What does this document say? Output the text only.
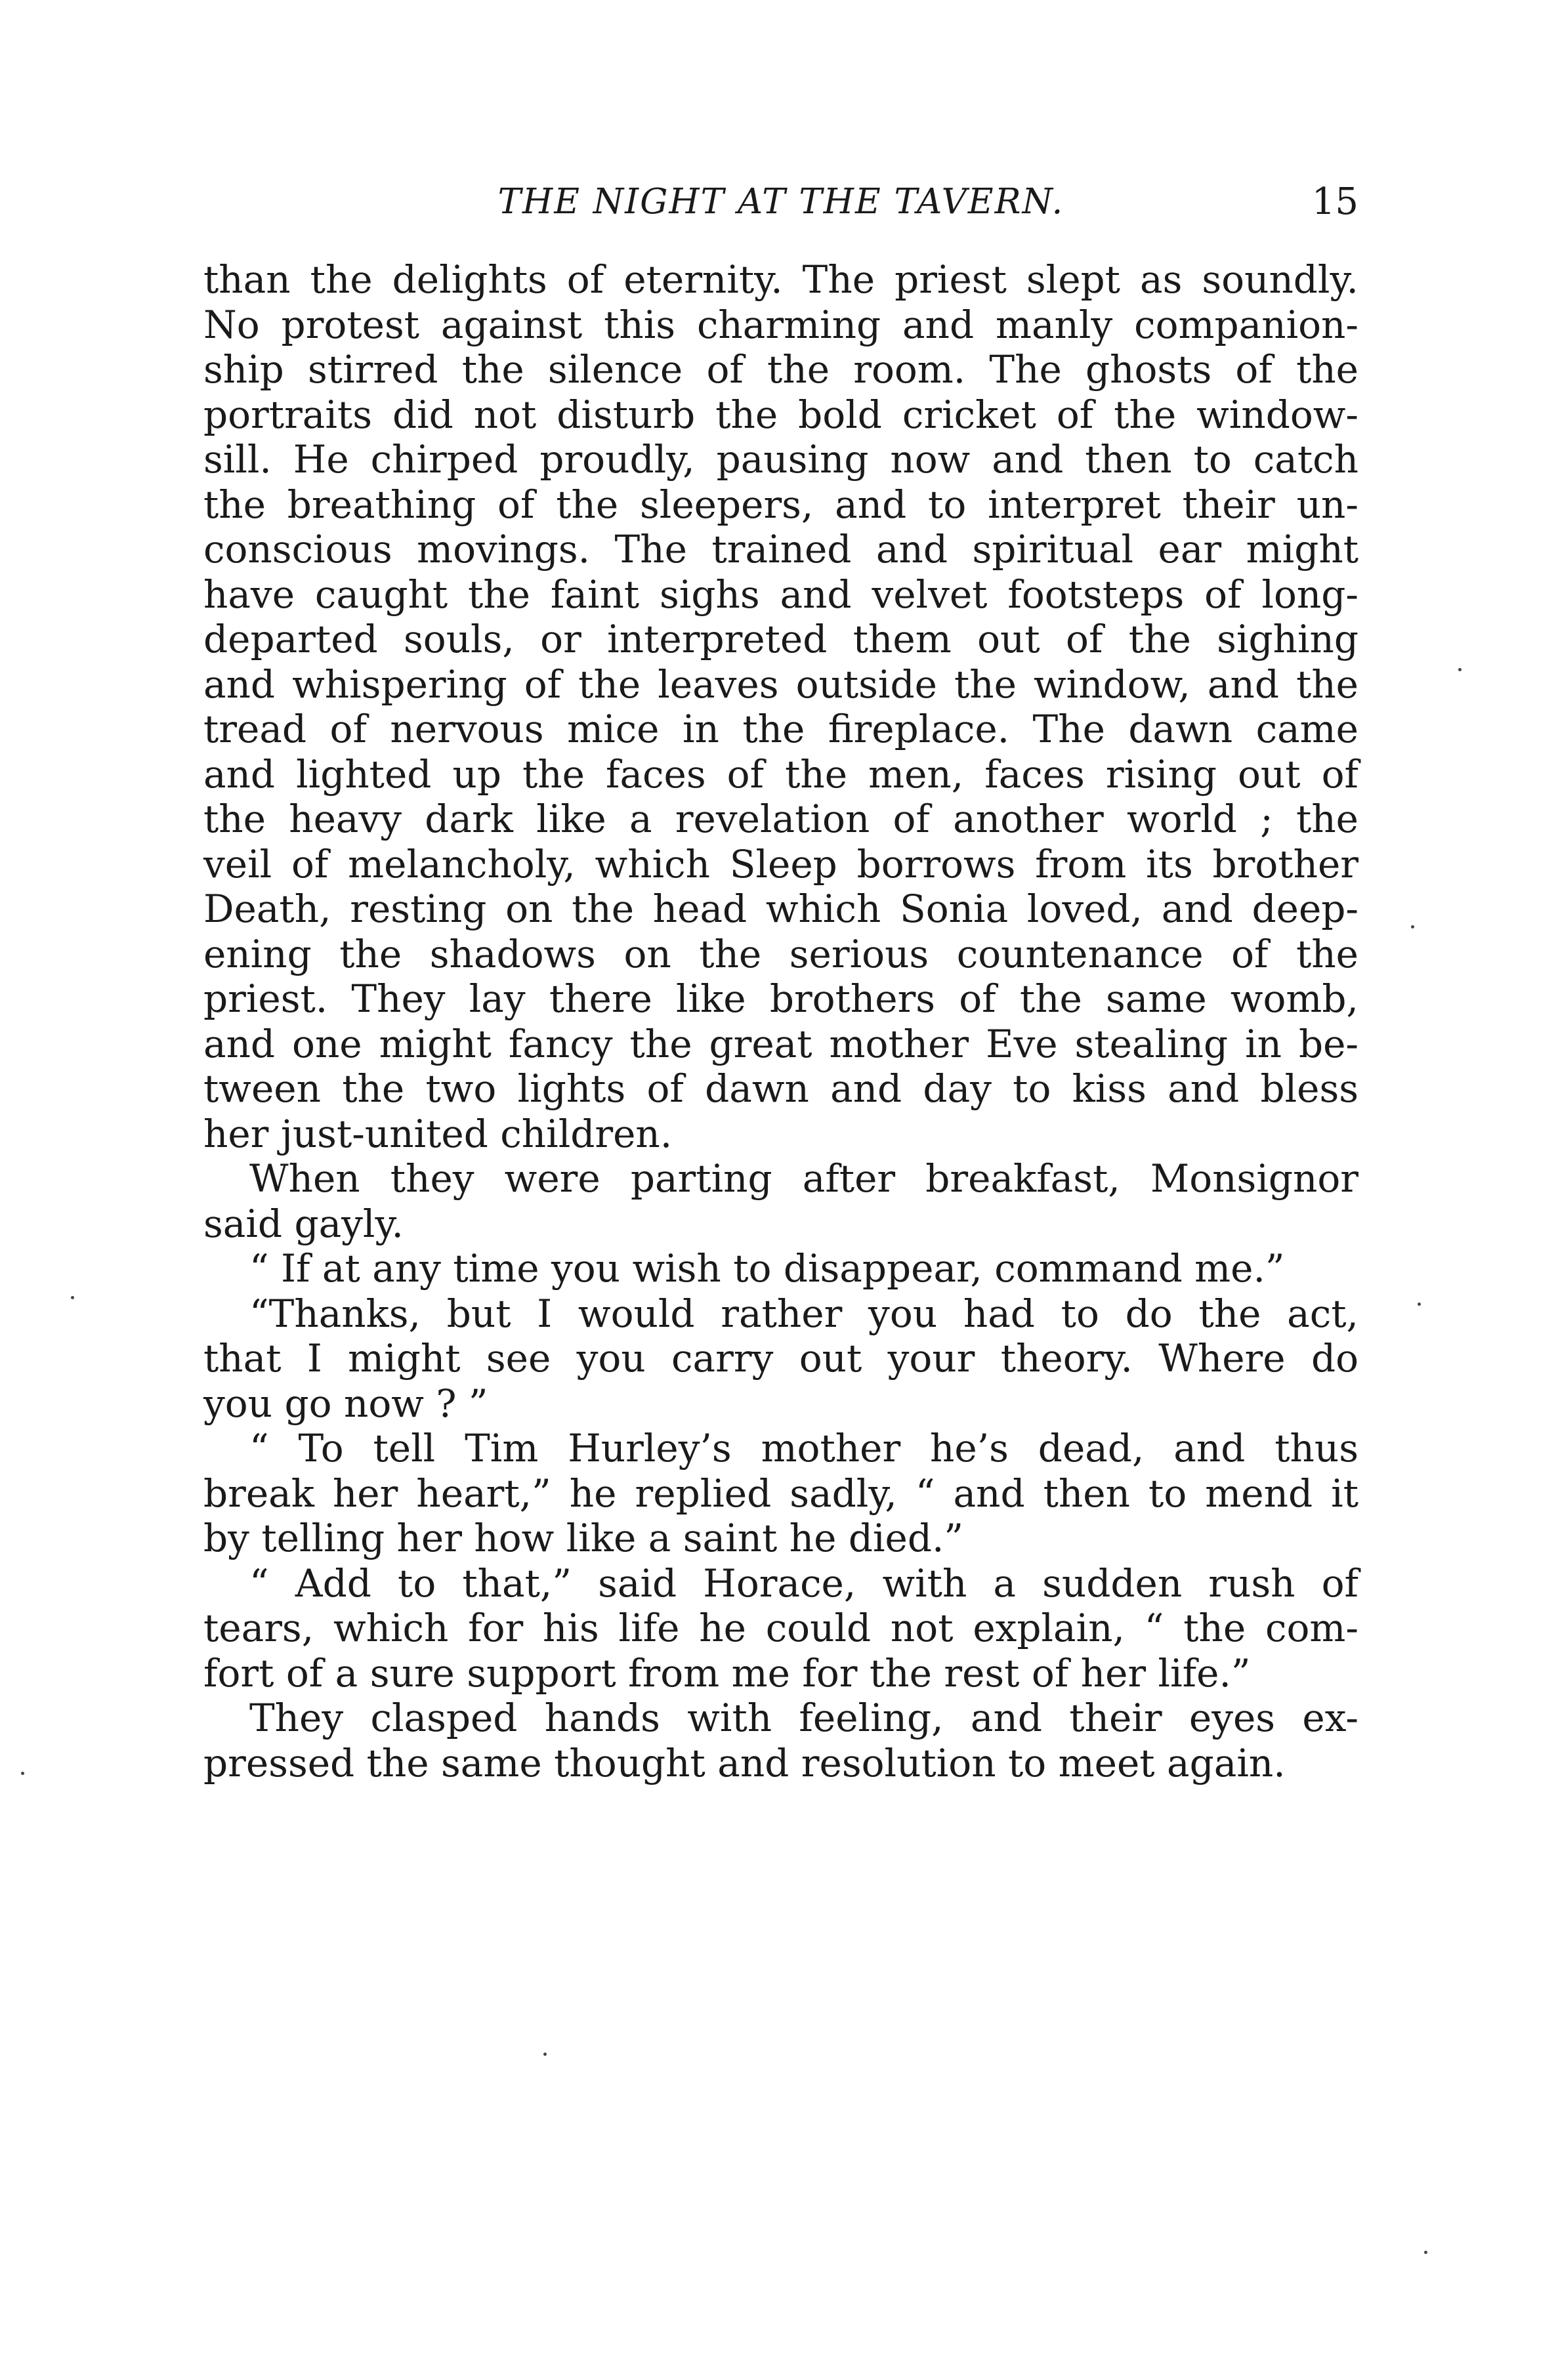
THE NIGHT AT THE TAVERN.	15
than the delights of eternity. The priest slept as soundly.
No protest against this charming and manly companion-
ship stirred the silence of the room. The ghosts of the
portraits did not disturb the bold cricket of the window-
sill. He chirped proudly, pausing now and then to catch
the breathing of the sleepers, and to interpret their un-
conscious movings. The trained and spiritual ear might
have caught the faint sighs and velvet footsteps of long-
departed souls, or interpreted them out of the sighing
and whispering of the leaves outside the window, and the
tread of nervous mice in the fireplace. The dawn came
and lighted up the faces of the men, faces rising out of
the heavy dark like a revelation of another world ; the
veil of melancholy, which Sleep borrows from its brother
Death, resting on the head which Sonia loved, and deep-
ening the shadows on the serious countenance of the
priest. They lay there like brothers of the same womb,
and one might fancy the great mother Eve stealing in be-
tween the two lights of dawn and day to kiss and bless
her just-united children.
When they were parting after breakfast, Monsignor
said gayly.
“ If at any time you wish to disappear, command me.”
“Thanks, but I would rather you had to do the act,
that I might see you carry out your theory. Where do
you go now ? ”
“ To tell Tim Hurley’s mother he’s dead, and thus
break her heart,” he replied sadly, “ and then to mend it
by telling her how like a saint he died.”
“ Add to that,” said Horace, with a sudden rush of
tears, which for his life he could not explain, “ the com-
fort of a sure support from me for the rest of her life.”
They clasped hands with feeling, and their eyes ex-
pressed the same thought and resolution to meet again.
